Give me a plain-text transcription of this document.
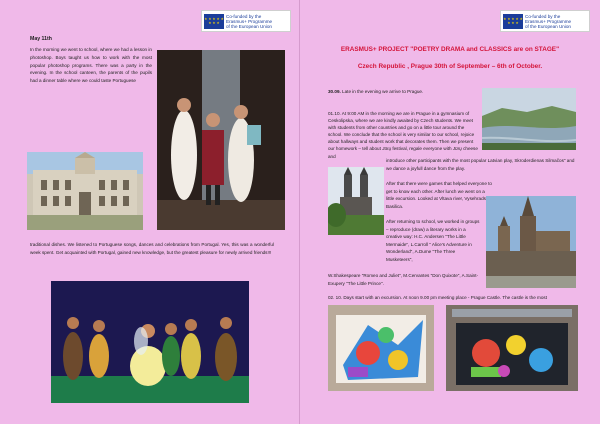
★ ★ ★ ★ ★ ★ ★ ★
Co-funded by the
Erasmus+ Programme
of the European Union
May 11th
In the morning we went to school, where we had a lesson in photoshop. Boys taught us how to work with the most popular photoshop programs. There was a party in the evening. In the school canteen, the parents of the pupils had a dinner table where we could taste Portuguese
traditional dishes. We listened to Portuguese songs, dances and celebrations from Portugal. Yes, this was a wonderful week spent. Get acquainted with Portugal, gained new knowledge, but the greatest pleasure for newly arrived friends!!!
★ ★ ★ ★ ★ ★ ★ ★
Co-funded by the
Erasmus+ Programme
of the European Union
ERASMUS+ PROJECT "POETRY DRAMA and CLASSICS are on STAGE"
Czech Republic , Prague 30th of September – 6th of October.
30.09. Late in the evening we arrive to Prague.
01.10. At 9:00 AM in the morning we are in Prague in a gymnasium of Ceskolipska, where we are kindly awaited by Czech students. We meet with students from other countries and go on a little tour around the school. We conclude that the school is very similar to our school, rejoice about hallways and student work that decorates them. Then we present our homework – tell about Jūrų festival, regale everyone with Jūrų cheese and
introduce other participants with the most popular Latvian play, Skroderdienas Silmačos" and we dance a joyfull dance from the play.
After that there were games that helped everyone to get to know each other. After lunch we went on a little excursion. Looked at Vltava river, Vysehrads Basilica.
After returning to school, we worked in groups – reproduce (draw) a literary works in a creative way: H.C. Andersen "The Little Mermaide", L.Carroll " Alice's Adventure in Wonderland", A.Dume "The Three Musketeers",
W.Shakespeare "Romeo and Juliet", M.Cervantes "Don Quixote", A.Saint-Exupery "The Little Prince".
02. 10. Days start with an excursion. At noon 9.00 pm meeting place - Prague Castle. The castle is the most
